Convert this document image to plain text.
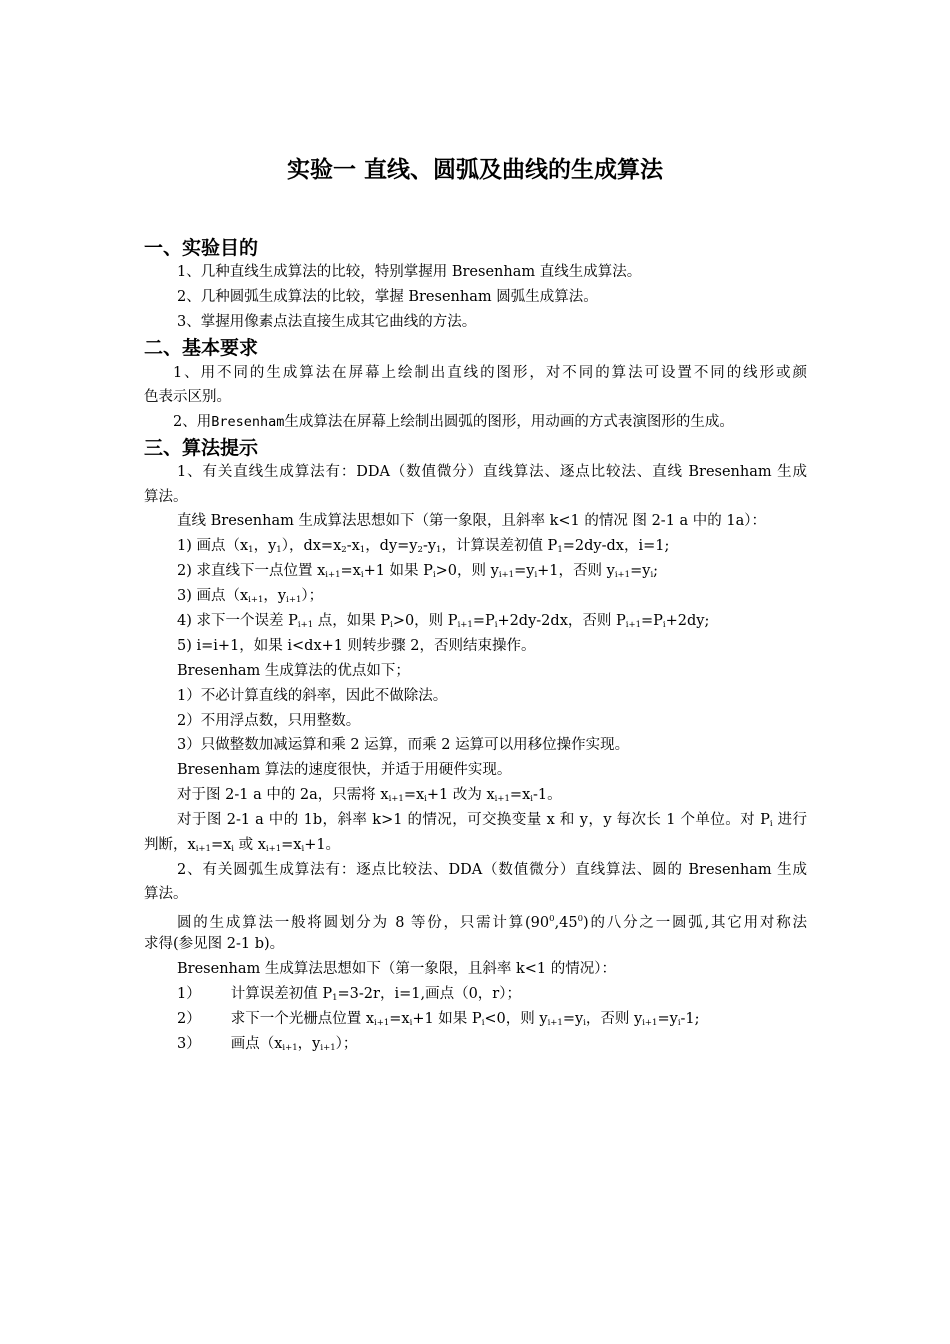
实验一 直线、圆弧及曲线的生成算法
一、实验目的
1、几种直线生成算法的比较，特别掌握用 Bresenham 直线生成算法。
2、几种圆弧生成算法的比较，掌握 Bresenham 圆弧生成算法。
3、掌握用像素点法直接生成其它曲线的方法。
二、基本要求
1、用不同的生成算法在屏幕上绘制出直线的图形，对不同的算法可设置不同的线形或颜
色表示区别。
2、用Bresenham生成算法在屏幕上绘制出圆弧的图形，用动画的方式表演图形的生成。
三、算法提示
1、有关直线生成算法有：DDA（数值微分）直线算法、逐点比较法、直线 Bresenham 生成
算法。
直线 Bresenham 生成算法思想如下（第一象限，且斜率 k<1 的情况 图 2-1 a 中的 1a）：
1) 画点（$x_1$，$y_1$），$dx=x_2-x_1$，$dy=y_2-y_1$，计算误差初值 $P_1=2dy-dx$，i=1;
2) 求直线下一点位置 $x_{i+1}=x_i+1$ 如果 $P_i>0$，则 $y_{i+1}=y_i+1$，否则 $y_{i+1}=y_i$;
3) 画点（$x_{i+1}$，$y_{i+1}$）；
4) 求下一个误差 $P_{i+1}$ 点，如果 $P_i>0$，则 $P_{i+1}=P_i+2dy-2dx$，否则 $P_{i+1}=P_i+2dy$;
5) i=i+1，如果 i<dx+1 则转步骤 2，否则结束操作。
Bresenham 生成算法的优点如下；
1）不必计算直线的斜率，因此不做除法。
2）不用浮点数，只用整数。
3）只做整数加减运算和乘 2 运算，而乘 2 运算可以用移位操作实现。
Bresenham 算法的速度很快，并适于用硬件实现。
对于图 2-1 a 中的 2a，只需将 $x_{i+1}=x_i+1$ 改为 $x_{i+1}=x_i-1$。
对于图 2-1 a 中的 1b，斜率 k>1 的情况，可交换变量 x 和 y，y 每次长 1 个单位。对 $P_i$ 进行
判断，$x_{i+1}=x_i$ 或 $x_{i+1}=x_i+1$。
2、有关圆弧生成算法有：逐点比较法、DDA（数值微分）直线算法、圆的 Bresenham 生成
算法。
圆的生成算法一般将圆划分为 8 等份，只需计算$(90^0,45^0)$的八分之一圆弧,其它用对称法
求得(参见图 2-1 b)。
Bresenham 生成算法思想如下（第一象限，且斜率 k<1 的情况）：
1） 计算误差初值 $P_1=3-2r$，i=1,画点（0，r）；
2） 求下一个光栅点位置 $x_{i+1}=x_i+1$ 如果 $P_i<0$，则 $y_{i+1}=y_i$，否则 $y_{i+1}=y_i-1$;
3） 画点（$x_{i+1}$，$y_{i+1}$）；
